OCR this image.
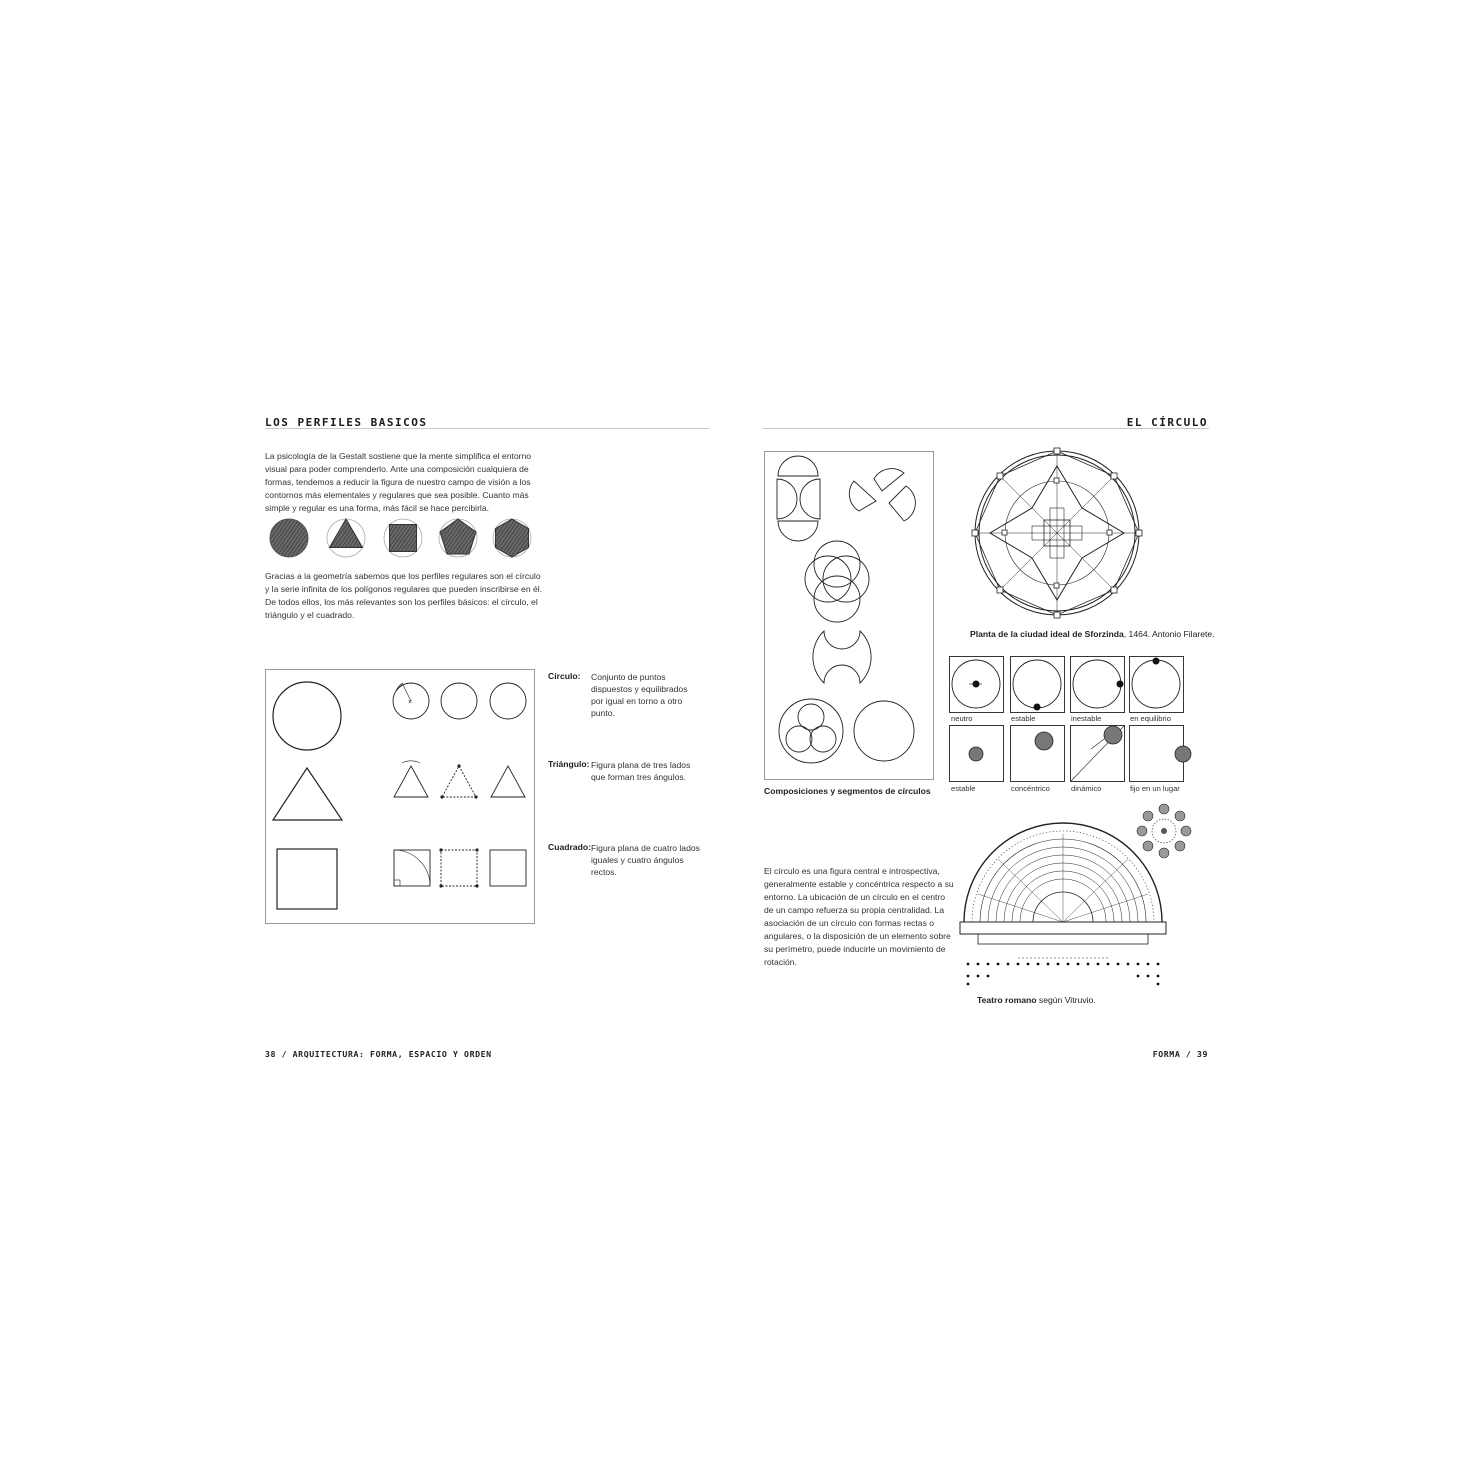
LOS PERFILES BASICOS
La psicología de la Gestalt sostiene que la mente simplifica el entorno visual para poder comprenderlo. Ante una composición cualquiera de formas, tendemos a reducir la figura de nuestro campo de visión a los contornos más elementales y regulares que sea posible. Cuanto más simple y regular es una forma, más fácil se hace percibirla.
Gracias a la geometría sabemos que los perfiles regulares son el círculo y la serie infinita de los polígonos regulares que pueden inscribirse en él. De todos ellos, los más relevantes son los perfiles básicos: el círculo, el triángulo y el cuadrado.
×
Círculo: Conjunto de puntos dispuestos y equilibrados por igual en torno a otro punto.
Triángulo: Figura plana de tres lados que forman tres ángulos.
Cuadrado: Figura plana de cuatro lados iguales y cuatro ángulos rectos.
38 / ARQUITECTURA: FORMA, ESPACIO Y ORDEN
EL CÍRCULO
Composiciones y segmentos de círculos
Planta de la ciudad ideal de Sforzinda, 1464. Antonio Filarete.
neutro	estable	inestable	en equilibrio
estable	concéntrico	dinámico	fijo en un lugar
Teatro romano según Vitruvio.
El círculo es una figura central e introspectiva, generalmente estable y concéntrica respecto a su entorno. La ubicación de un círculo en el centro de un campo refuerza su propia centralidad. La asociación de un círculo con formas rectas o angulares, o la disposición de un elemento sobre su perímetro, puede inducirle un movimiento de rotación.
FORMA / 39
